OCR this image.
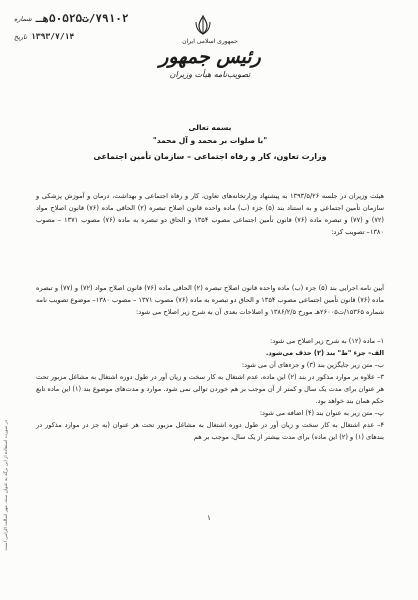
جمهوری اسلامی ایران
رئیس جمهور
تصویب‌نامه هیأت وزیران
۷۹۱۰۲/ت۵۰۵۲۵هـ
شماره
۱۳۹۳/۷/۱۴
تاریخ
بسمه تعالی
"با صلوات بر محمد و آل محمد"
وزارت تعاون، کار و رفاه اجتماعی – سازمان تأمین اجتماعی

هیئت وزیران در جلسه ۱۳۹۳/۵/۲۶ به پیشنهاد وزارتخانه‌های تعاون، کار و رفاه اجتماعی و بهداشت، درمان و آموزش پزشکی و سازمان تأمین اجتماعی و به استناد بند (۵) جزء (ب) ماده واحده قانون اصلاح تبصره (۲) الحاقی ماده (۷۶) قانون اصلاح مواد (۷۲) و (۷۷) و تبصره ماده (۷۶) قانون تأمین اجتماعی مصوب ۱۳۵۴ و الحاق دو تبصره به ماده (۷۶) مصوب ۱۳۷۱ – مصوب ۱۳۸۰– تصویب کرد:

آیین نامه اجرایی بند (۵) جزء (ب) ماده واحده قانون اصلاح تبصره (۲) الحاقی ماده (۷۶) قانون اصلاح مواد (۷۲) و (۷۷) و تبصره ماده (۷۶) قانون تأمین اجتماعی مصوب ۱۳۵۴ و الحاق دو تبصره به ماده (۷۶) مصوب ۱۳۷۱ – مصوب ۱۳۸۰– موضوع تصویب نامه شماره ۱۵۳۶۵/ت۲۶۰۰۵هـ مورخ ۱۳۸۶/۲/۵ و اصلاحات بعدی آن به شرح زیر اصلاح می شود:

۱– ماده (۱۲) به شرح زیر اصلاح می شود:

الف– جزء "ط" بند (۲) حذف می‌شود.

ب– متن زیر جایگزین بند (۳) و جزءهای آن می شود:

۳– علاوه بر موارد مذکور در بند (۲) این ماده، عدم اشتغال به کار سخت و زیان آور در طول دوره اشتغال به مشاغل مزبور تحت هر عنوان برای مدت یک سال و کمتر از آن موجب بر هم خوردن توالی نمی شود. موارد و مدت‌های موضوع بند (۱) این ماده تابع حکم همان بند خواهد بود.

پ– متن زیر به عنوان بند (۴) اضافه می شود:

۴– عدم اشتغال به کار سخت و زیان آور در طول دوره اشتغال به مشاغل مزبور تحت هر عنوان (به جز در موارد مذکور در بندهای (۱) و (۲) این ماده) برای مدت بیشتر از یک سال، موجب بر هم

۱
در صورت استفاده از این برگه به عنوان سند، مهر اصالت الزامی است
